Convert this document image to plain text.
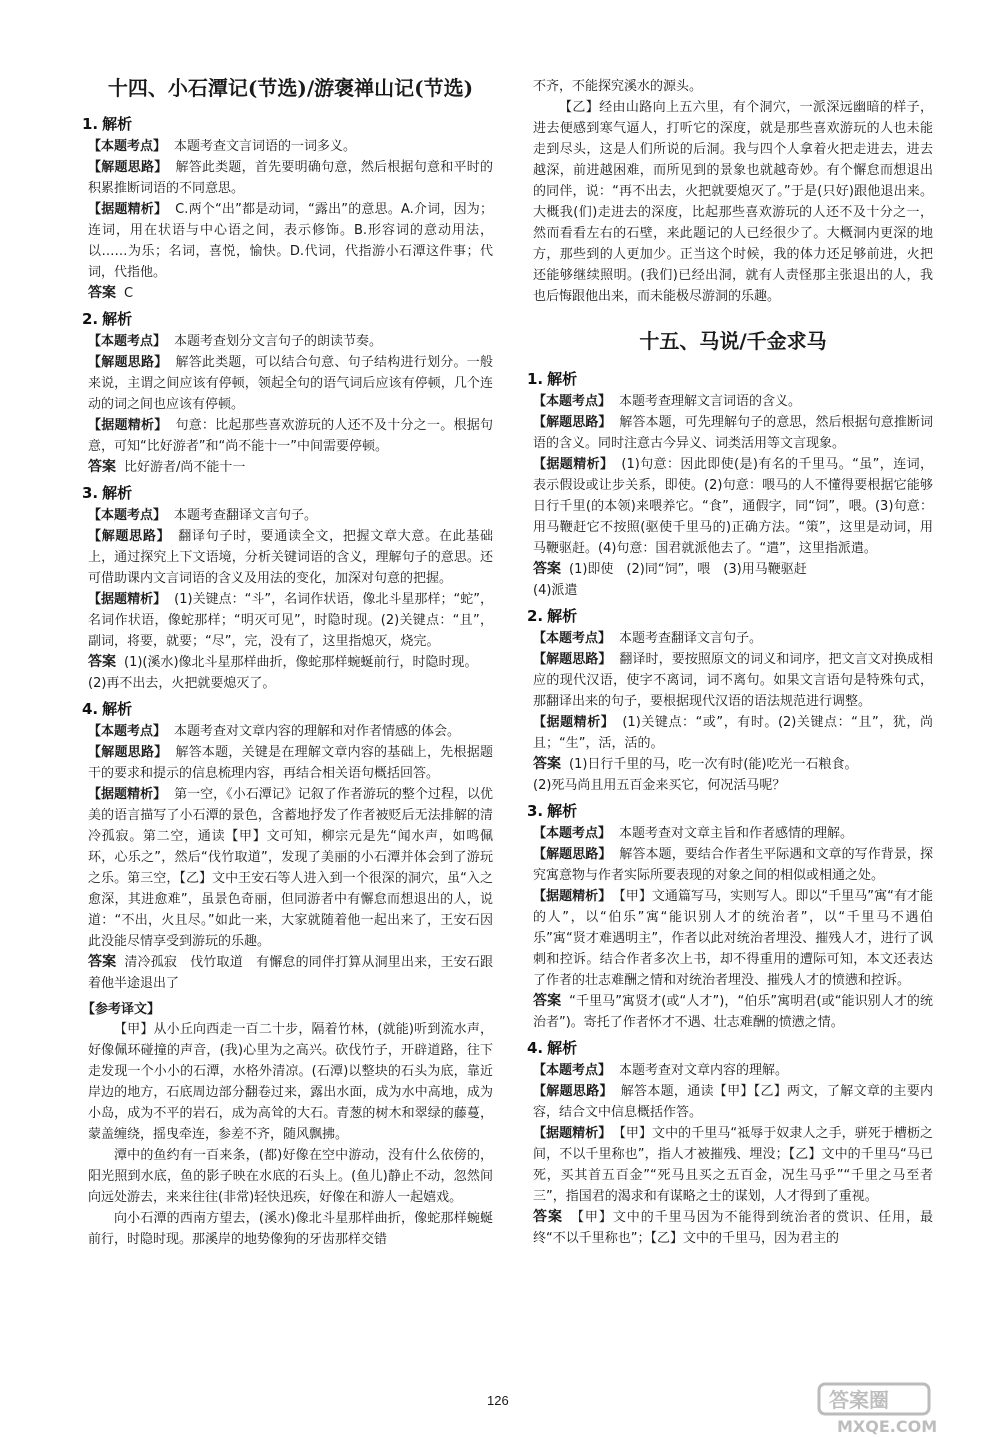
十四、小石潭记(节选)/游褒禅山记(节选)
1. 解析

【本题考点】 本题考查文言词语的一词多义。

【解题思路】 解答此类题，首先要明确句意，然后根据句意和平时的积累推断词语的不同意思。

【据题精析】 C.两个“出”都是动词，“露出”的意思。A.介词，因为；连词，用在状语与中心语之间，表示修饰。B.形容词的意动用法，以……为乐；名词，喜悦，愉快。D.代词，代指游小石潭这件事；代词，代指他。

答案 C

2. 解析

【本题考点】 本题考查划分文言句子的朗读节奏。

【解题思路】 解答此类题，可以结合句意、句子结构进行划分。一般来说，主谓之间应该有停顿，领起全句的语气词后应该有停顿，几个连动的词之间也应该有停顿。

【据题精析】 句意：比起那些喜欢游玩的人还不及十分之一。根据句意，可知“比好游者”和“尚不能十一”中间需要停顿。

答案 比好游者/尚不能十一

3. 解析

【本题考点】 本题考查翻译文言句子。

【解题思路】 翻译句子时，要通读全文，把握文章大意。在此基础上，通过探究上下文语境，分析关键词语的含义，理解句子的意思。还可借助课内文言词语的含义及用法的变化，加深对句意的把握。

【据题精析】 (1)关键点：“斗”，名词作状语，像北斗星那样；“蛇”，名词作状语，像蛇那样；“明灭可见”，时隐时现。(2)关键点：“且”，副词，将要，就要；“尽”，完，没有了，这里指熄灭，烧完。

答案 (1)(溪水)像北斗星那样曲折，像蛇那样蜿蜒前行，时隐时现。

(2)再不出去，火把就要熄灭了。

4. 解析

【本题考点】 本题考查对文章内容的理解和对作者情感的体会。

【解题思路】 解答本题，关键是在理解文章内容的基础上，先根据题干的要求和提示的信息梳理内容，再结合相关语句概括回答。

【据题精析】 第一空，《小石潭记》记叙了作者游玩的整个过程，以优美的语言描写了小石潭的景色，含蓄地抒发了作者被贬后无法排解的清冷孤寂。第二空，通读【甲】文可知，柳宗元是先“闻水声，如鸣佩环，心乐之”，然后“伐竹取道”，发现了美丽的小石潭并体会到了游玩之乐。第三空，【乙】文中王安石等人进入到一个很深的洞穴，虽“入之愈深，其进愈难”，虽景色奇丽，但同游者中有懈怠而想退出的人，说道：“不出，火且尽。”如此一来，大家就随着他一起出来了，王安石因此没能尽情享受到游玩的乐趣。

答案 清冷孤寂　伐竹取道　有懈怠的同伴打算从洞里出来，王安石跟着他半途退出了

【参考译文】

【甲】从小丘向西走一百二十步，隔着竹林，(就能)听到流水声，好像佩环碰撞的声音，(我)心里为之高兴。砍伐竹子，开辟道路，往下走发现一个小小的石潭，水格外清凉。(石潭)以整块的石头为底，靠近岸边的地方，石底周边部分翻卷过来，露出水面，成为水中高地，成为小岛，成为不平的岩石，成为高耸的大石。青葱的树木和翠绿的藤蔓，蒙盖缠绕，摇曳牵连，参差不齐，随风飘拂。

潭中的鱼约有一百来条，(都)好像在空中游动，没有什么依傍的，阳光照到水底，鱼的影子映在水底的石头上。(鱼儿)静止不动，忽然间向远处游去，来来往往(非常)轻快迅疾，好像在和游人一起嬉戏。

向小石潭的西南方望去，(溪水)像北斗星那样曲折，像蛇那样蜿蜒前行，时隐时现。那溪岸的地势像狗的牙齿那样交错

不齐，不能探究溪水的源头。

【乙】经由山路向上五六里，有个洞穴，一派深远幽暗的样子，进去便感到寒气逼人，打听它的深度，就是那些喜欢游玩的人也未能走到尽头，这是人们所说的后洞。我与四个人拿着火把走进去，进去越深，前进越困难，而所见到的景象也就越奇妙。有个懈怠而想退出的同伴，说：“再不出去，火把就要熄灭了。”于是(只好)跟他退出来。大概我(们)走进去的深度，比起那些喜欢游玩的人还不及十分之一，然而看看左右的石壁，来此题记的人已经很少了。大概洞内更深的地方，那些到的人更加少。正当这个时候，我的体力还足够前进，火把还能够继续照明。(我们)已经出洞，就有人责怪那主张退出的人，我也后悔跟他出来，而未能极尽游洞的乐趣。

十五、马说/千金求马
1. 解析

【本题考点】 本题考查理解文言词语的含义。

【解题思路】 解答本题，可先理解句子的意思，然后根据句意推断词语的含义。同时注意古今异义、词类活用等文言现象。

【据题精析】 (1)句意：因此即使(是)有名的千里马。“虽”，连词，表示假设或让步关系，即使。(2)句意：喂马的人不懂得要根据它能够日行千里(的本领)来喂养它。“食”，通假字，同“饲”，喂。(3)句意：用马鞭赶它不按照(驱使千里马的)正确方法。“策”，这里是动词，用马鞭驱赶。(4)句意：国君就派他去了。“遣”，这里指派遣。

答案 (1)即使　(2)同“饲”，喂　(3)用马鞭驱赶

(4)派遣

2. 解析

【本题考点】 本题考查翻译文言句子。

【解题思路】 翻译时，要按照原文的词义和词序，把文言文对换成相应的现代汉语，使字不离词，词不离句。如果文言语句是特殊句式，那翻译出来的句子，要根据现代汉语的语法规范进行调整。

【据题精析】 (1)关键点：“或”，有时。(2)关键点：“且”，犹，尚且；“生”，活，活的。

答案 (1)日行千里的马，吃一次有时(能)吃光一石粮食。

(2)死马尚且用五百金来买它，何况活马呢？

3. 解析

【本题考点】 本题考查对文章主旨和作者感情的理解。

【解题思路】 解答本题，要结合作者生平际遇和文章的写作背景，探究寓意物与作者实际所要表现的对象之间的相似或相通之处。

【据题精析】 【甲】文通篇写马，实则写人。即以“千里马”寓“有才能的人”，以“伯乐”寓“能识别人才的统治者”，以“千里马不遇伯乐”寓“贤才难遇明主”，作者以此对统治者埋没、摧残人才，进行了讽刺和控诉。结合作者多次上书，却不得重用的遭际可知，本文还表达了作者的壮志难酬之情和对统治者埋没、摧残人才的愤懑和控诉。

答案 “千里马”寓贤才(或“人才”)，“伯乐”寓明君(或“能识别人才的统治者”)。寄托了作者怀才不遇、壮志难酬的愤懑之情。

4. 解析

【本题考点】 本题考查对文章内容的理解。

【解题思路】 解答本题，通读【甲】【乙】两文，了解文章的主要内容，结合文中信息概括作答。

【据题精析】 【甲】文中的千里马“祗辱于奴隶人之手，骈死于槽枥之间，不以千里称也”，指人才被摧残、埋没；【乙】文中的千里马“马已死，买其首五百金”“死马且买之五百金，况生马乎”“千里之马至者三”，指国君的渴求和有谋略之士的谋划，人才得到了重视。

答案 【甲】文中的千里马因为不能得到统治者的赏识、任用，最终“不以千里称也”；【乙】文中的千里马，因为君主的

126	答案圈
MXQE.COM
